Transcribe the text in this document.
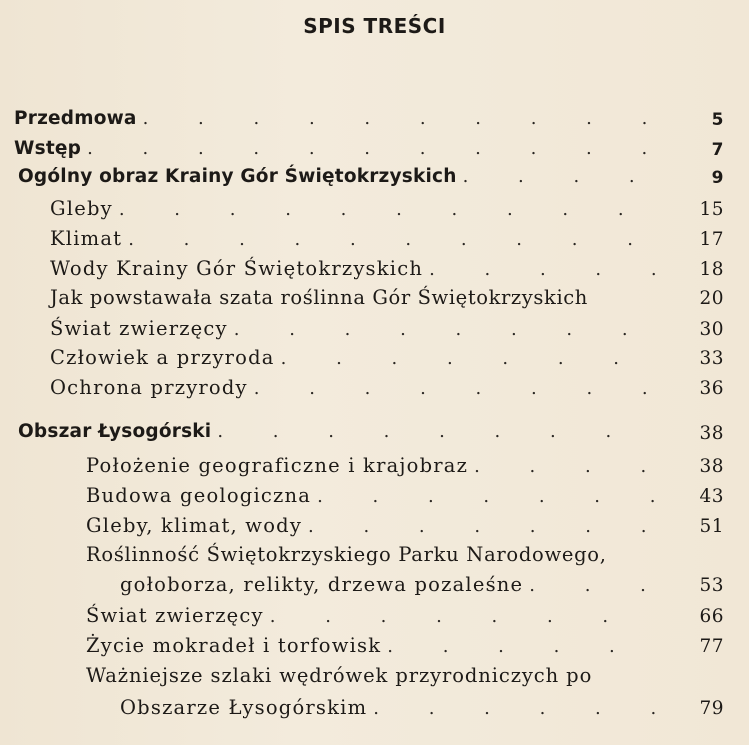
SPIS TREŚCI
Przedmowa . . .	5
Wstęp . . .	7
Ogólny obraz Krainy Gór Świętokrzyskich . . .	9
Gleby . . .	15
Klimat . . .	17
Wody Krainy Gór Świętokrzyskich . . .	18
Jak powstawała szata roślinna Gór Świętokrzyskich	20
Świat zwierzęcy . . .	30
Człowiek a przyroda . . .	33
Ochrona przyrody . . .	36
Obszar Łysogórski . . .	38
Położenie geograficzne i krajobraz . . .	38
Budowa geologiczna . . .	43
Gleby, klimat, wody . . .	51
Roślinność Świętokrzyskiego Parku Narodowego,
gołoborza, relikty, drzewa pozaleśne . . .	53
Świat zwierzęcy . . .	66
Życie mokradeł i torfowisk . . .	77
Ważniejsze szlaki wędrówek przyrodniczych po
Obszarze Łysogórskim . . .	79
